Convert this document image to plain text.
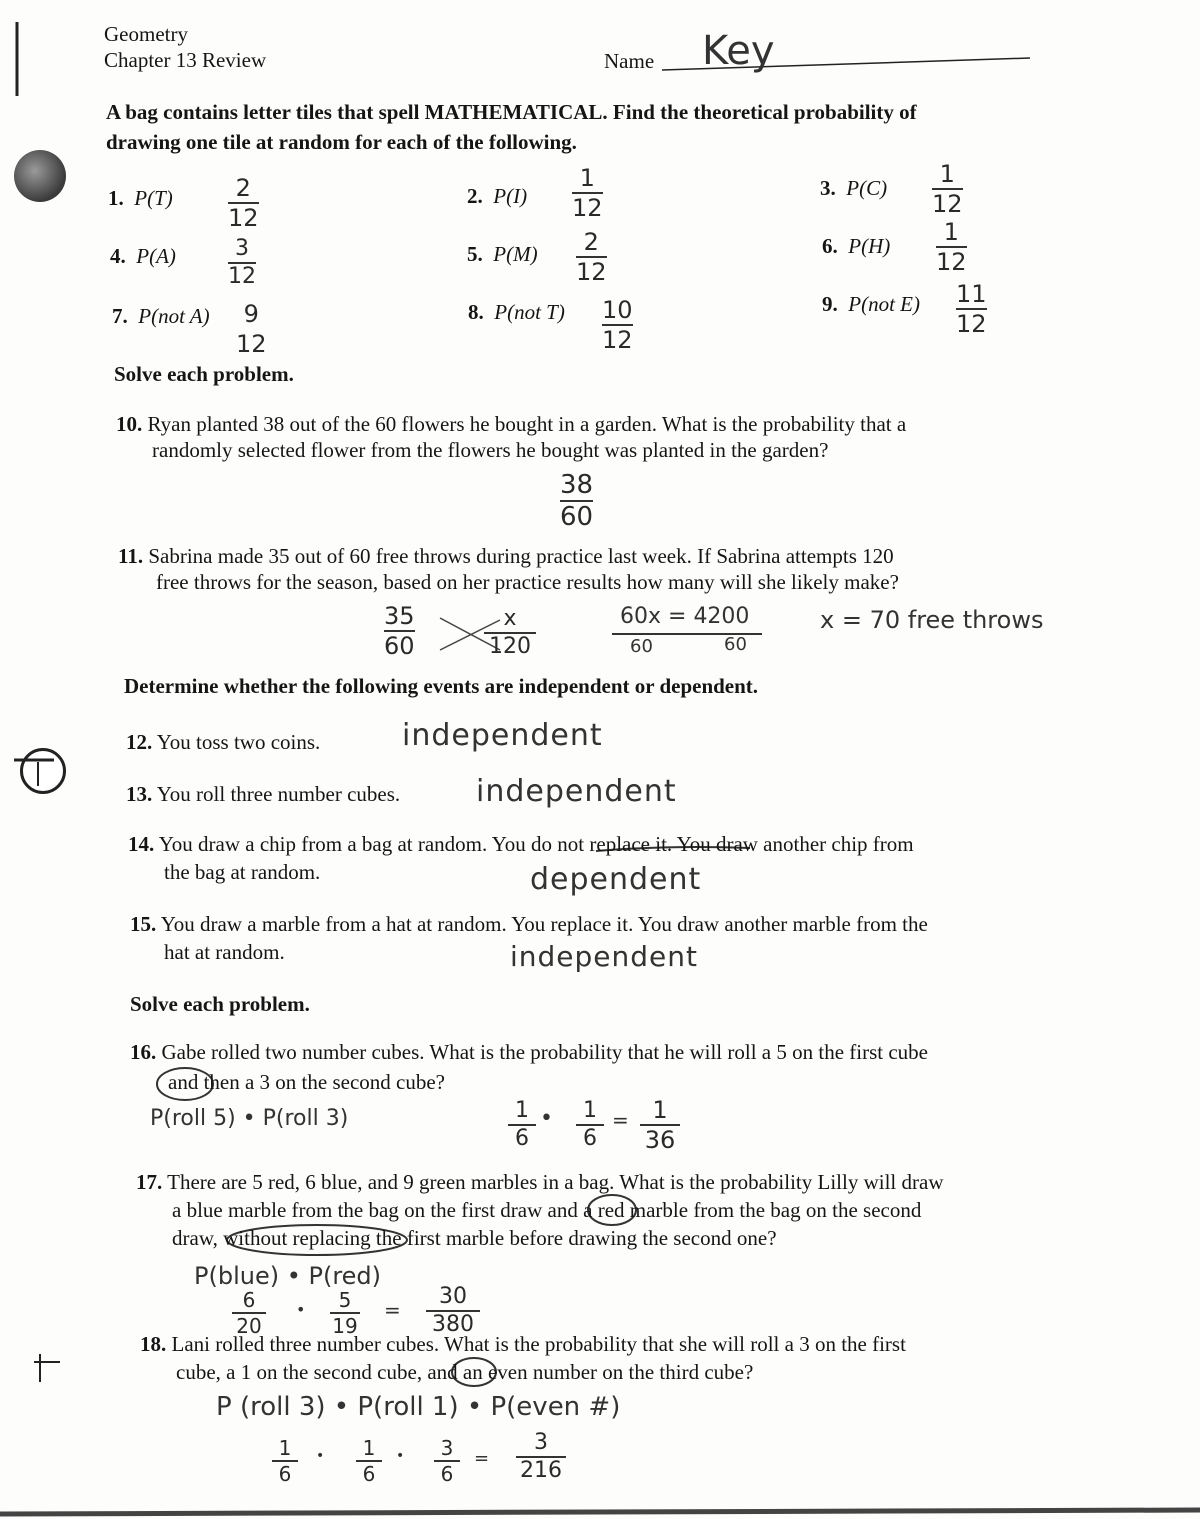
Geometry
Chapter 13 Review	Name Key
A bag contains letter tiles that spell MATHEMATICAL. Find the theoretical probability of
drawing one tile at random for each of the following.
1. P(T)	2
12
2. P(I)
1
12
3. P(C) 1
12
4. P(A)	3
12
5. P(M) 2
12
6. P(H) 1
12
7. P(not A) 9
12
8. P(not T) 10
12
9. P(not E) 11
12
Solve each problem.
10. Ryan planted 38 out of the 60 flowers he bought in a garden. What is the probability that a
randomly selected flower from the flowers he bought was planted in the garden?
38
60
11. Sabrina made 35 out of 60 free throws during practice last week. If Sabrina attempts 120
free throws for the season, based on her practice results how many will she likely make?
35
60
x
120
60x = 4200
60	60
x = 70 free throws
Determine whether the following events are independent or dependent.
12. You toss two coins.	independent
13. You roll three number cubes.	independent
14. You draw a chip from a bag at random. You do not replace it. You draw another chip from
the bag at random.	dependent
15. You draw a marble from a hat at random. You replace it. You draw another marble from the
hat at random.	independent
Solve each problem.
16. Gabe rolled two number cubes. What is the probability that he will roll a 5 on the first cube
and then a 3 on the second cube?
P(roll 5) • P(roll 3)	1
6
• 1
6
= 1
36
17. There are 5 red, 6 blue, and 9 green marbles in a bag. What is the probability Lilly will draw
a blue marble from the bag on the first draw and a red marble from the bag on the second
draw, without replacing the first marble before drawing the second one?
P(blue) • P(red)
6
20
• 5
19
=
30
380
18. Lani rolled three number cubes. What is the probability that she will roll a 3 on the first
cube, a 1 on the second cube, and an even number on the third cube?
P (roll 3) • P(roll 1) • P(even #)
1
6
• 1
6
• 3
6
=
3
216
